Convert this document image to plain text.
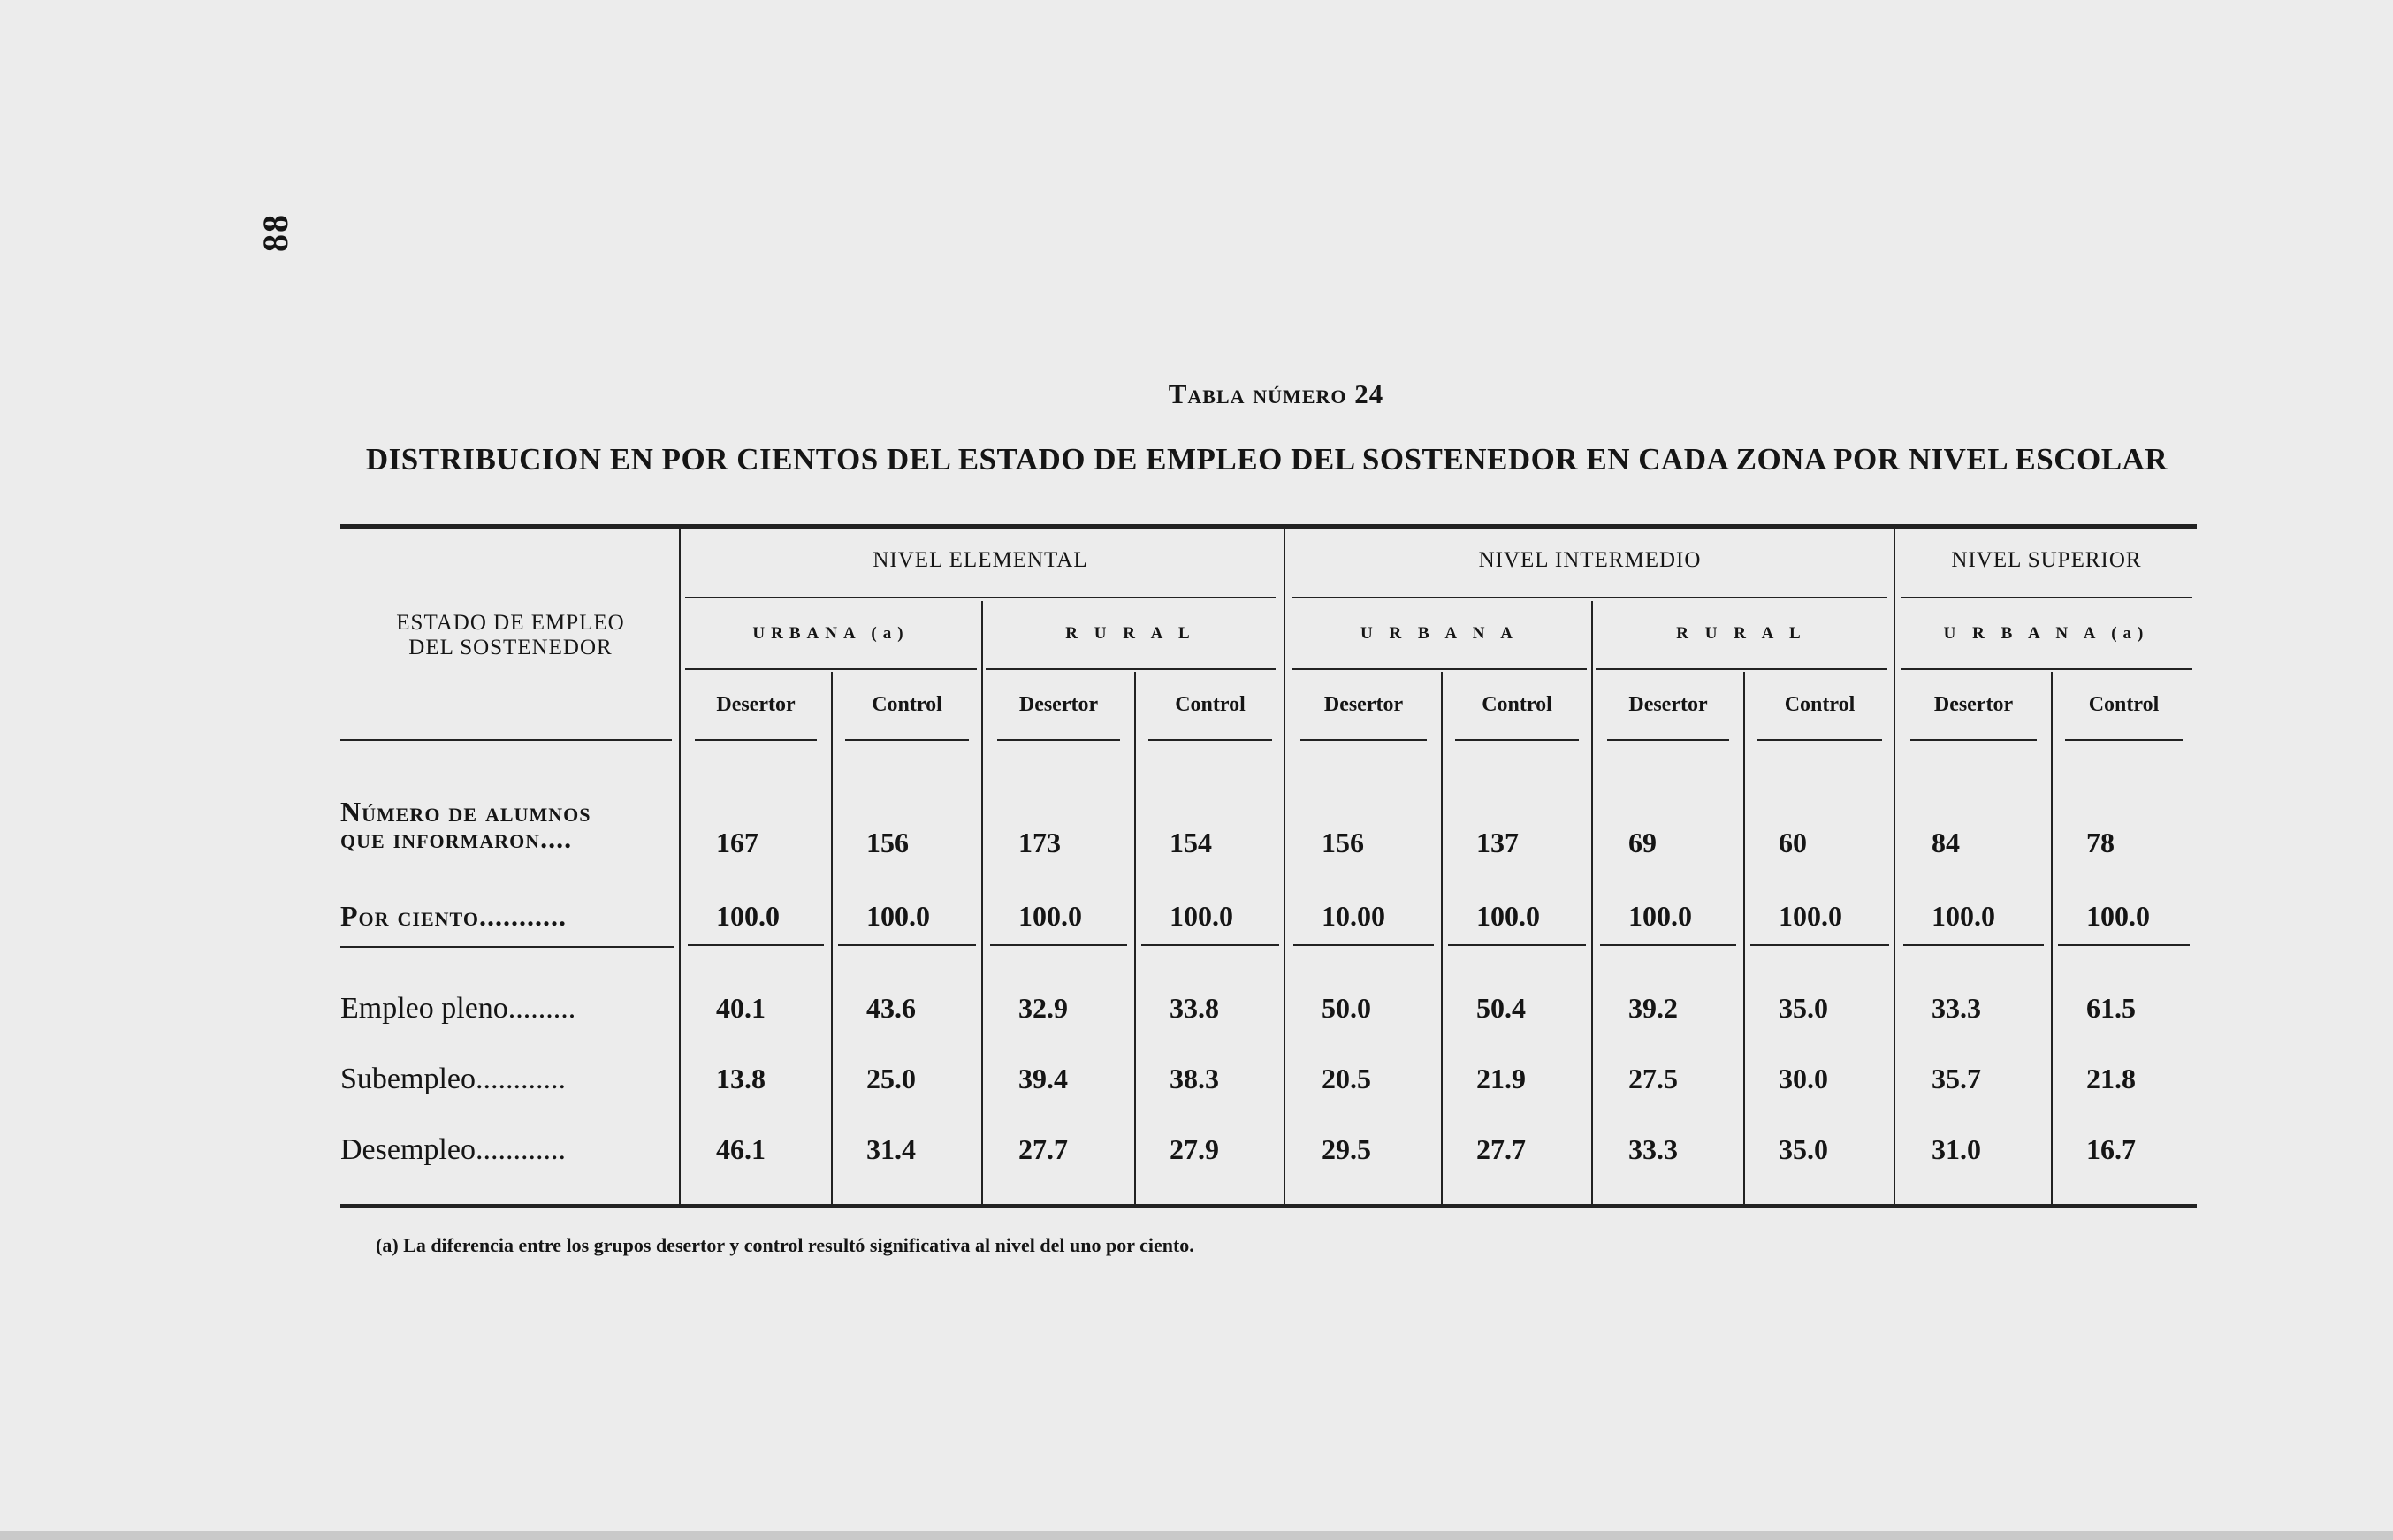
88
Tabla número 24
DISTRIBUCION EN POR CIENTOS DEL ESTADO DE EMPLEO DEL SOSTENEDOR EN CADA ZONA POR NIVEL ESCOLAR
ESTADO DE EMPLEO
DEL SOSTENEDOR
NIVEL ELEMENTAL	NIVEL INTERMEDIO	NIVEL SUPERIOR
URBANA (a)	R U R A L	U R B A N A	R U R A L	U R B A N A (a)
Desertor	Control	Desertor	Control	Desertor	Control	Desertor	Control	Desertor	Control
Número de alumnos
que informaron....	167	156	173	154	156	137	69	60	84	78
Por ciento...........	100.0	100.0	100.0	100.0	10.00	100.0	100.0	100.0	100.0	100.0
Empleo pleno.........	40.1	43.6	32.9	33.8	50.0	50.4	39.2	35.0	33.3	61.5
Subempleo............	13.8	25.0	39.4	38.3	20.5	21.9	27.5	30.0	35.7	21.8
Desempleo............	46.1	31.4	27.7	27.9	29.5	27.7	33.3	35.0	31.0	16.7
(a) La diferencia entre los grupos desertor y control resultó significativa al nivel del uno por ciento.
